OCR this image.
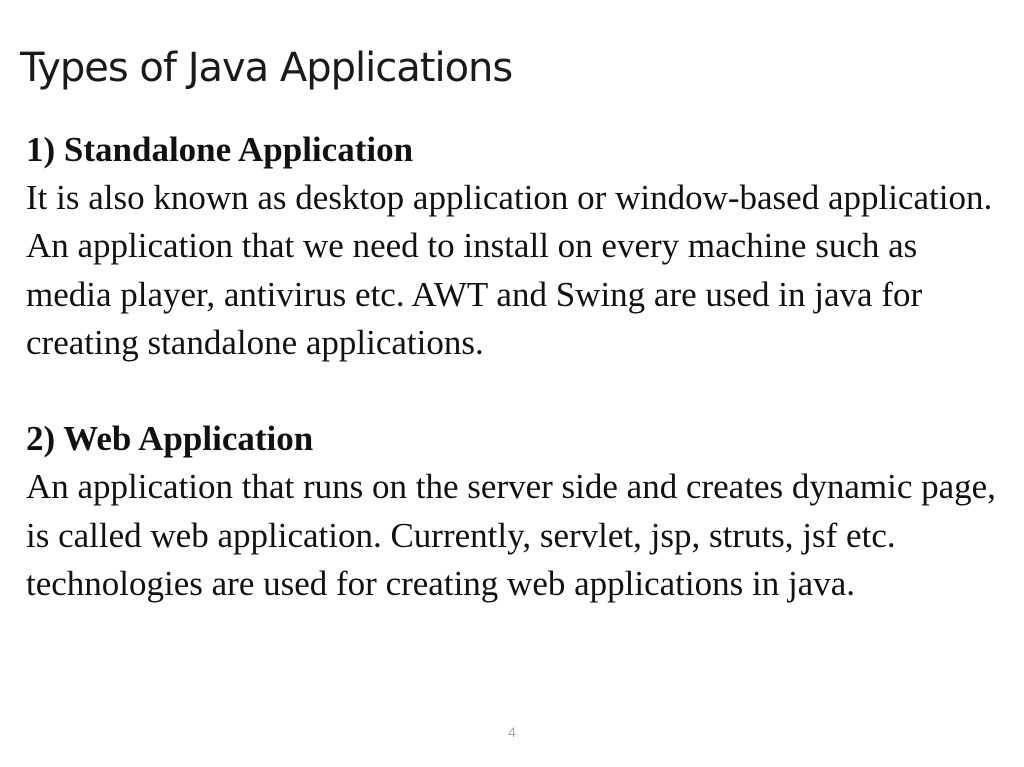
Types of Java Applications

1) Standalone Application

It is also known as desktop application or window-based application. An application that we need to install on every machine such as media player, antivirus etc. AWT and Swing are used in java for creating standalone applications.

2) Web Application

An application that runs on the server side and creates dynamic page, is called web application. Currently, servlet, jsp, struts, jsf etc. technologies are used for creating web applications in java.

4
